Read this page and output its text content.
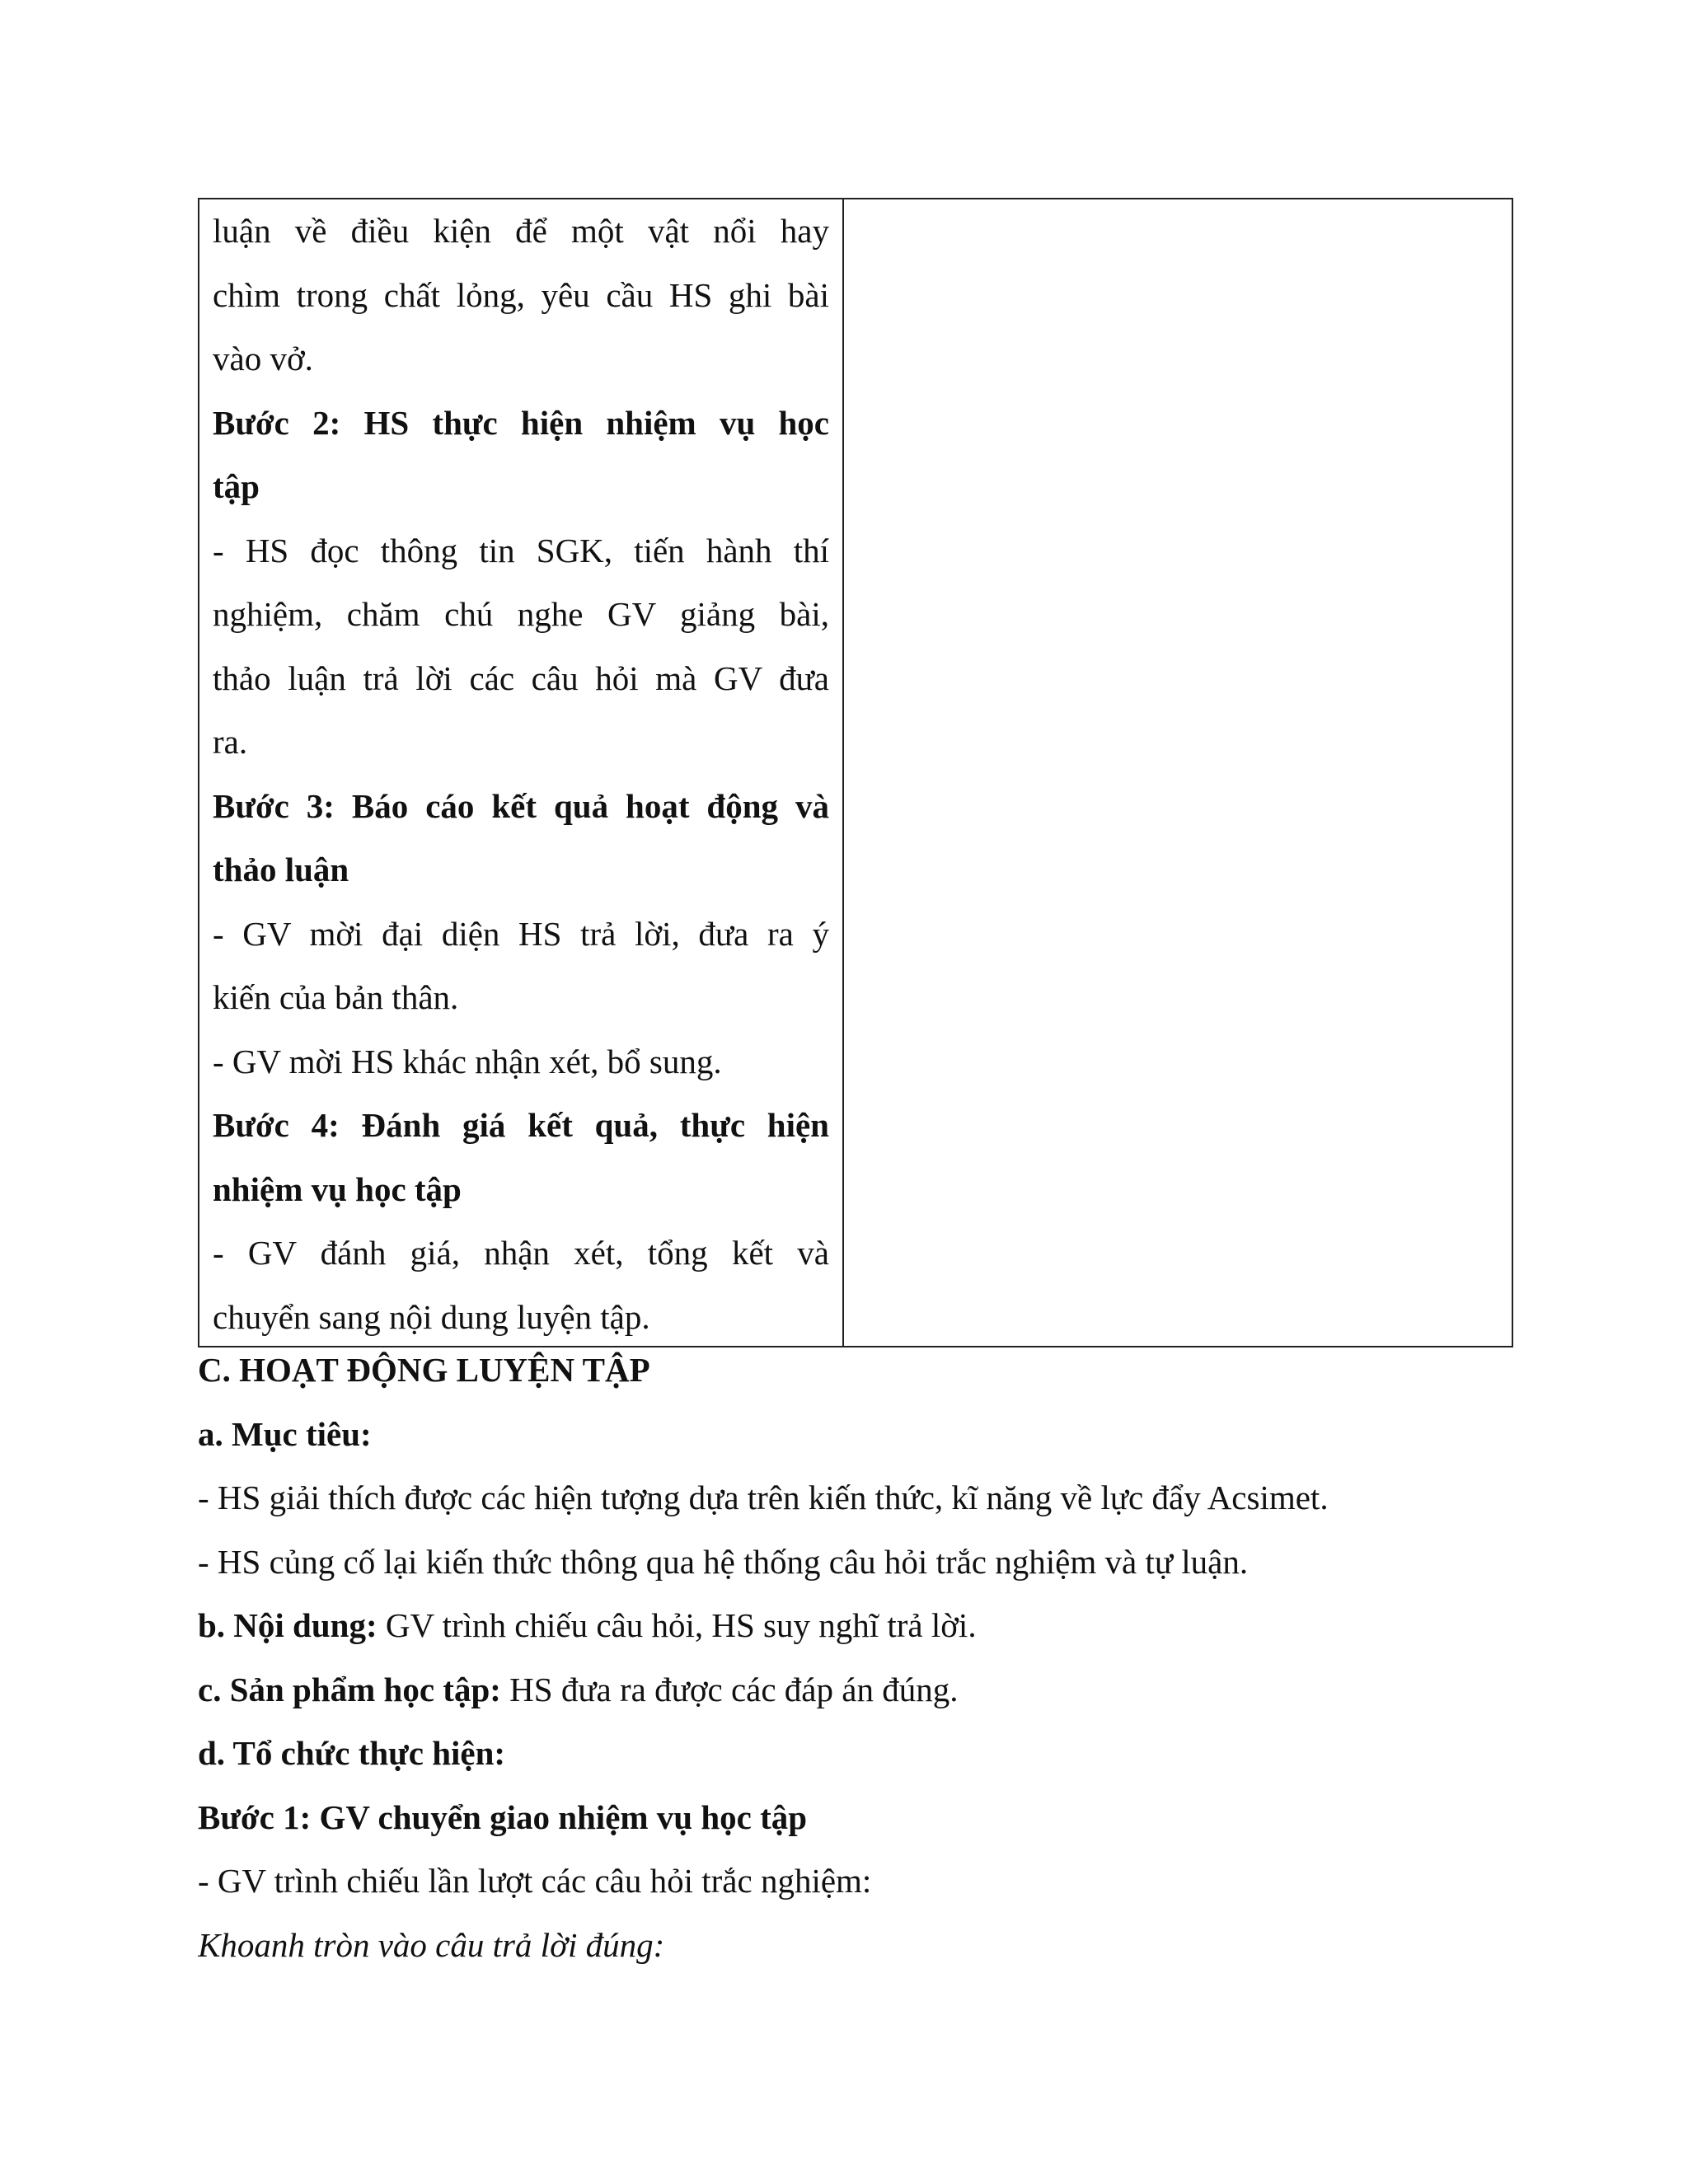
luận về điều kiện để một vật nổi hay
chìm trong chất lỏng, yêu cầu HS ghi bài
vào vở.
Bước 2: HS thực hiện nhiệm vụ học
tập
- HS đọc thông tin SGK, tiến hành thí
nghiệm, chăm chú nghe GV giảng bài,
thảo luận trả lời các câu hỏi mà GV đưa
ra.
Bước 3: Báo cáo kết quả hoạt động và
thảo luận
- GV mời đại diện HS trả lời, đưa ra ý
kiến của bản thân.
- GV mời HS khác nhận xét, bổ sung.
Bước 4: Đánh giá kết quả, thực hiện
nhiệm vụ học tập
- GV đánh giá, nhận xét, tổng kết và
chuyển sang nội dung luyện tập.
C. HOẠT ĐỘNG LUYỆN TẬP
a. Mục tiêu:
- HS giải thích được các hiện tượng dựa trên kiến thức, kĩ năng về lực đẩy Acsimet.
- HS củng cố lại kiến thức thông qua hệ thống câu hỏi trắc nghiệm và tự luận.
b. Nội dung: GV trình chiếu câu hỏi, HS suy nghĩ trả lời.
c. Sản phẩm học tập: HS đưa ra được các đáp án đúng.
d. Tổ chức thực hiện:
Bước 1: GV chuyển giao nhiệm vụ học tập
- GV trình chiếu lần lượt các câu hỏi trắc nghiệm:
Khoanh tròn vào câu trả lời đúng:
